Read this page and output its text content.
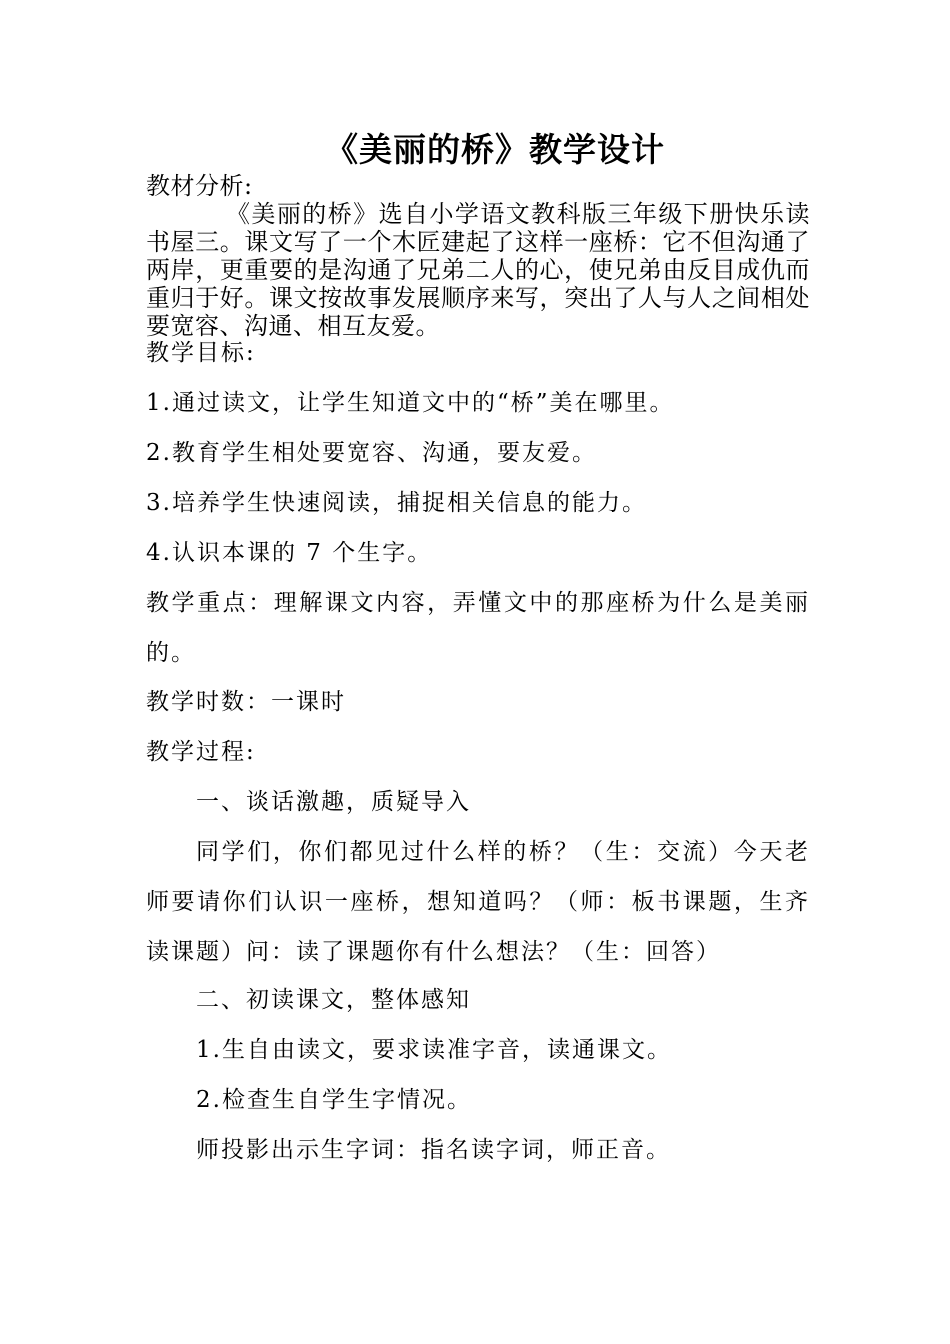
《美丽的桥》教学设计
教材分析:
《美丽的桥》选自小学语文教科版三年级下册快乐读书屋三。课文写了一个木匠建起了这样一座桥：它不但沟通了两岸，更重要的是沟通了兄弟二人的心，使兄弟由反目成仇而重归于好。课文按故事发展顺序来写，突出了人与人之间相处要宽容、沟通、相互友爱。
教学目标:
1.通过读文，让学生知道文中的“桥”美在哪里。
2.教育学生相处要宽容、沟通，要友爱。
3.培养学生快速阅读，捕捉相关信息的能力。
4.认识本课的 7 个生字。
教学重点：理解课文内容，弄懂文中的那座桥为什么是美丽的。
教学时数：一课时
教学过程:
一、谈话激趣，质疑导入
同学们，你们都见过什么样的桥？（生：交流）今天老师要请你们认识一座桥，想知道吗？（师：板书课题，生齐读课题）问：读了课题你有什么想法？（生：回答）
二、初读课文，整体感知
1.生自由读文，要求读准字音，读通课文。
2.检查生自学生字情况。
师投影出示生字词：指名读字词，师正音。
